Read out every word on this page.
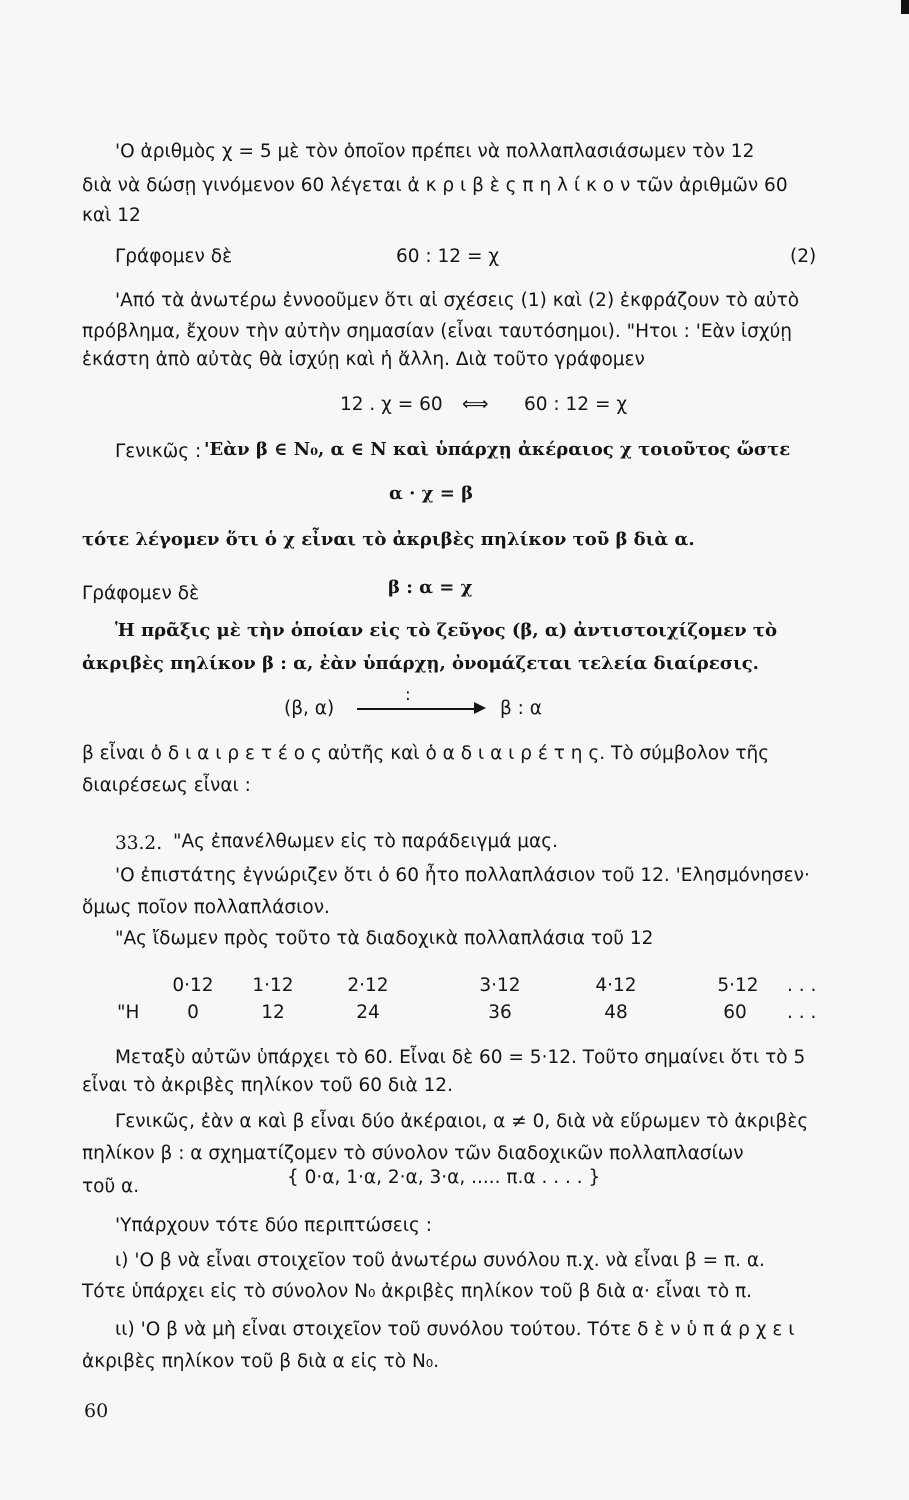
'Ο ἀριθμὸς χ = 5 μὲ τὸν ὁποῖον πρέπει νὰ πολλαπλασιάσωμεν τὸν 12
διὰ νὰ δώσῃ γινόμενον 60 λέγεται ἀ κ ρ ι β ὲ ς π η λ ί κ ο ν τῶν ἀριθμῶν 60
καὶ 12
Γράφομεν δὲ	60 : 12 = χ	(2)
'Από τὰ ἀνωτέρω ἐννοοῦμεν ὅτι αἱ σχέσεις (1) καὶ (2) ἐκφράζουν τὸ αὐτὸ
πρόβλημα, ἔχουν τὴν αὐτὴν σημασίαν (εἶναι ταυτόσημοι). "Ητοι : 'Εὰν ἰσχύῃ
ἑκάστη ἀπὸ αὐτὰς θὰ ἰσχύῃ καὶ ἡ ἄλλη. Διὰ τοῦτο γράφομεν
12 . χ = 60 ⟺ 60 : 12 = χ
Γενικῶς : 'Εὰν β ∈ N₀, α ∈ N καὶ ὑπάρχῃ ἀκέραιος χ τοιοῦτος ὥστε
α · χ = β
τότε λέγομεν ὅτι ὁ χ εἶναι τὸ ἀκριβὲς πηλίκον τοῦ β διὰ α.
Γράφομεν δὲ	β : α = χ
Ἡ πρᾶξις μὲ τὴν ὁποίαν εἰς τὸ ζεῦγος (β, α) ἀντιστοιχίζομεν τὸ
ἀκριβὲς πηλίκον β : α, ἐὰν ὑπάρχῃ, ὀνομάζεται τελεία διαίρεσις.
(β, α)
:
β : α
β εἶναι ὁ δ ι α ι ρ ε τ έ ο ς αὐτῆς καὶ ὁ α δ ι α ι ρ έ τ η ς. Τὸ σύμβολον τῆς
διαιρέσεως εἶναι :
33.2. "Ας ἐπανέλθωμεν εἰς τὸ παράδειγμά μας.
'Ο ἐπιστάτης ἐγνώριζεν ὅτι ὁ 60 ἦτο πολλαπλάσιον τοῦ 12. 'Ελησμόνησεν·
ὅμως ποῖον πολλαπλάσιον.
"Ας ἴδωμεν πρὸς τοῦτο τὰ διαδοχικὰ πολλαπλάσια τοῦ 12
0·12	1·12	2·12	3·12	4·12	5·12	. . .
"Η	0	12	24	36	48	60	. . .
Μεταξὺ αὐτῶν ὑπάρχει τὸ 60. Εἶναι δὲ 60 = 5·12. Τοῦτο σημαίνει ὅτι τὸ 5
εἶναι τὸ ἀκριβὲς πηλίκον τοῦ 60 διὰ 12.
Γενικῶς, ἐὰν α καὶ β εἶναι δύο ἀκέραιοι, α ≠ 0, διὰ νὰ εὕρωμεν τὸ ἀκριβὲς
πηλίκον β : α σχηματίζομεν τὸ σύνολον τῶν διαδοχικῶν πολλαπλασίων
τοῦ α.	{ 0·α, 1·α, 2·α, 3·α, ..... π.α . . . . }
'Υπάρχουν τότε δύο περιπτώσεις :
ι) 'Ο β νὰ εἶναι στοιχεῖον τοῦ ἀνωτέρω συνόλου π.χ. νὰ εἶναι β = π. α.
Τότε ὑπάρχει εἰς τὸ σύνολον N₀ ἀκριβὲς πηλίκον τοῦ β διὰ α· εἶναι τὸ π.
ιι) 'Ο β νὰ μὴ εἶναι στοιχεῖον τοῦ συνόλου τούτου. Τότε δ ὲ ν ὑ π ά ρ χ ε ι
ἀκριβὲς πηλίκον τοῦ β διὰ α εἰς τὸ N₀.
60
